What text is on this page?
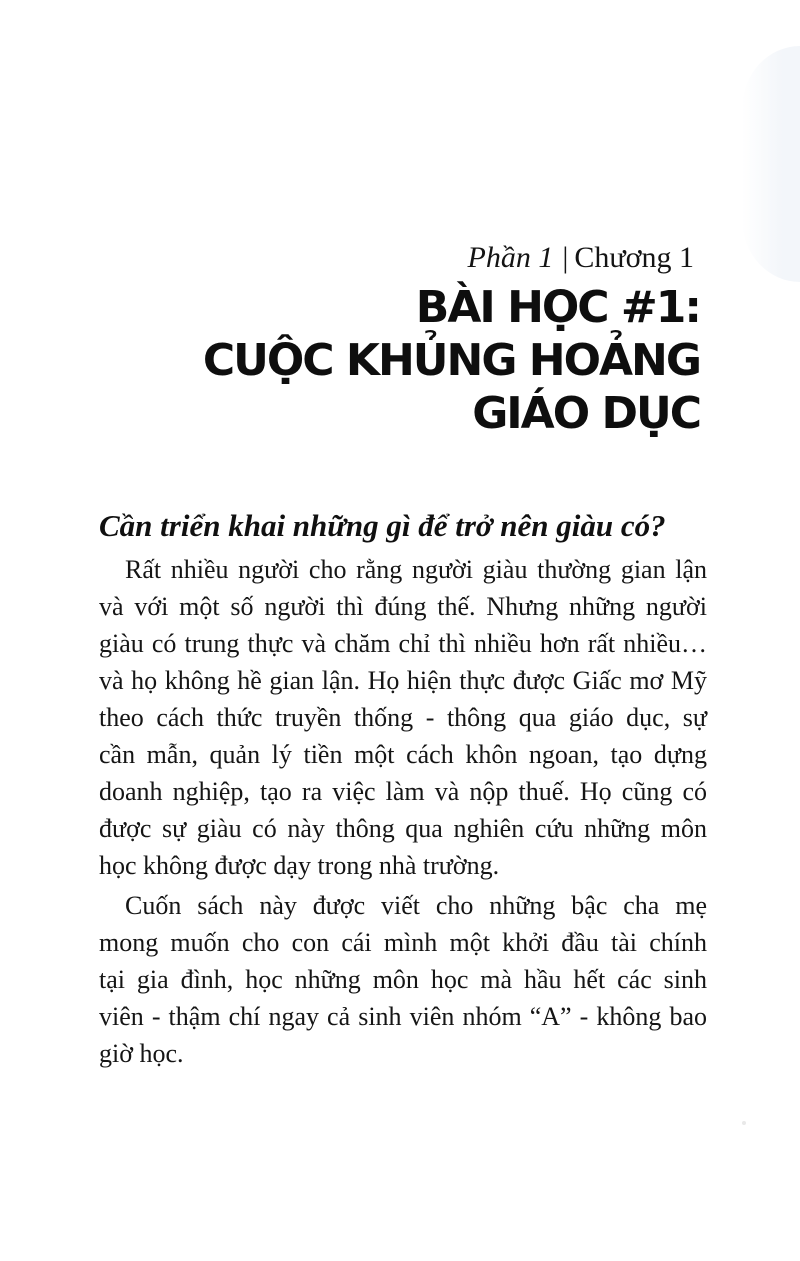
Phần 1 | Chương 1
BÀI HỌC #1:
CUỘC KHỦNG HOẢNG
GIÁO DỤC
Cần triển khai những gì để trở nên giàu có?
Rất nhiều người cho rằng người giàu thường gian lận
và với một số người thì đúng thế. Nhưng những người
giàu có trung thực và chăm chỉ thì nhiều hơn rất nhiều…
và họ không hề gian lận. Họ hiện thực được Giấc mơ Mỹ
theo cách thức truyền thống - thông qua giáo dục, sự
cần mẫn, quản lý tiền một cách khôn ngoan, tạo dựng
doanh nghiệp, tạo ra việc làm và nộp thuế. Họ cũng có
được sự giàu có này thông qua nghiên cứu những môn
học không được dạy trong nhà trường.
Cuốn sách này được viết cho những bậc cha mẹ
mong muốn cho con cái mình một khởi đầu tài chính
tại gia đình, học những môn học mà hầu hết các sinh
viên - thậm chí ngay cả sinh viên nhóm “A” - không bao
giờ học.
